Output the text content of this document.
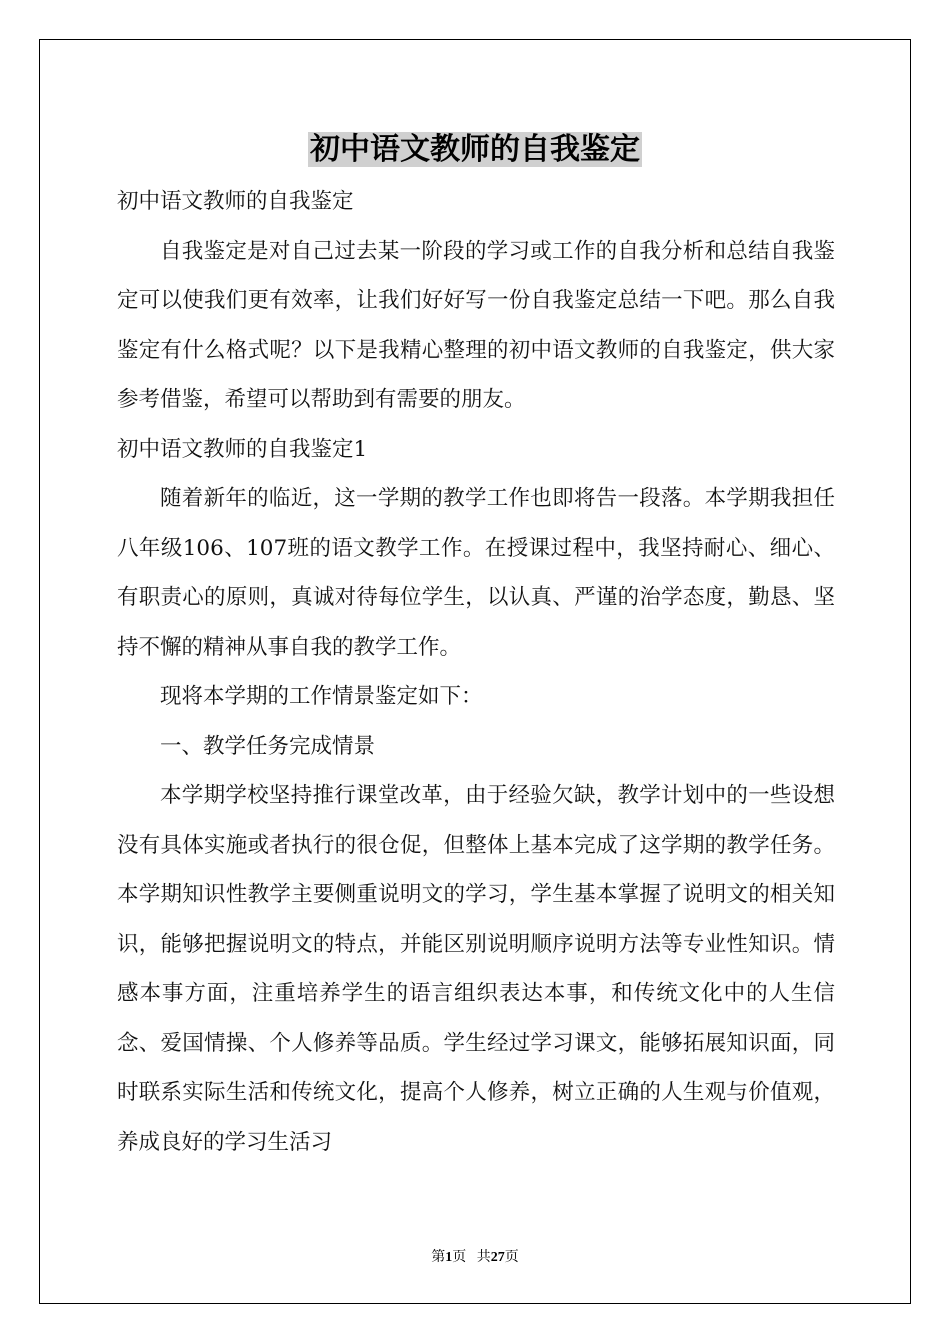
初中语文教师的自我鉴定

初中语文教师的自我鉴定

自我鉴定是对自己过去某一阶段的学习或工作的自我分析和总结自我鉴定可以使我们更有效率，让我们好好写一份自我鉴定总结一下吧。那么自我鉴定有什么格式呢？以下是我精心整理的初中语文教师的自我鉴定，供大家参考借鉴，希望可以帮助到有需要的朋友。

初中语文教师的自我鉴定1

随着新年的临近，这一学期的教学工作也即将告一段落。本学期我担任八年级106、107班的语文教学工作。在授课过程中，我坚持耐心、细心、有职责心的原则，真诚对待每位学生，以认真、严谨的治学态度，勤恳、坚持不懈的精神从事自我的教学工作。

现将本学期的工作情景鉴定如下：

一、教学任务完成情景

本学期学校坚持推行课堂改革，由于经验欠缺，教学计划中的一些设想没有具体实施或者执行的很仓促，但整体上基本完成了这学期的教学任务。本学期知识性教学主要侧重说明文的学习，学生基本掌握了说明文的相关知识，能够把握说明文的特点，并能区别说明顺序说明方法等专业性知识。情感本事方面，注重培养学生的语言组织表达本事，和传统文化中的人生信念、爱国情操、个人修养等品质。学生经过学习课文，能够拓展知识面，同时联系实际生活和传统文化，提高个人修养，树立正确的人生观与价值观，养成良好的学习生活习

第1页   共27页
